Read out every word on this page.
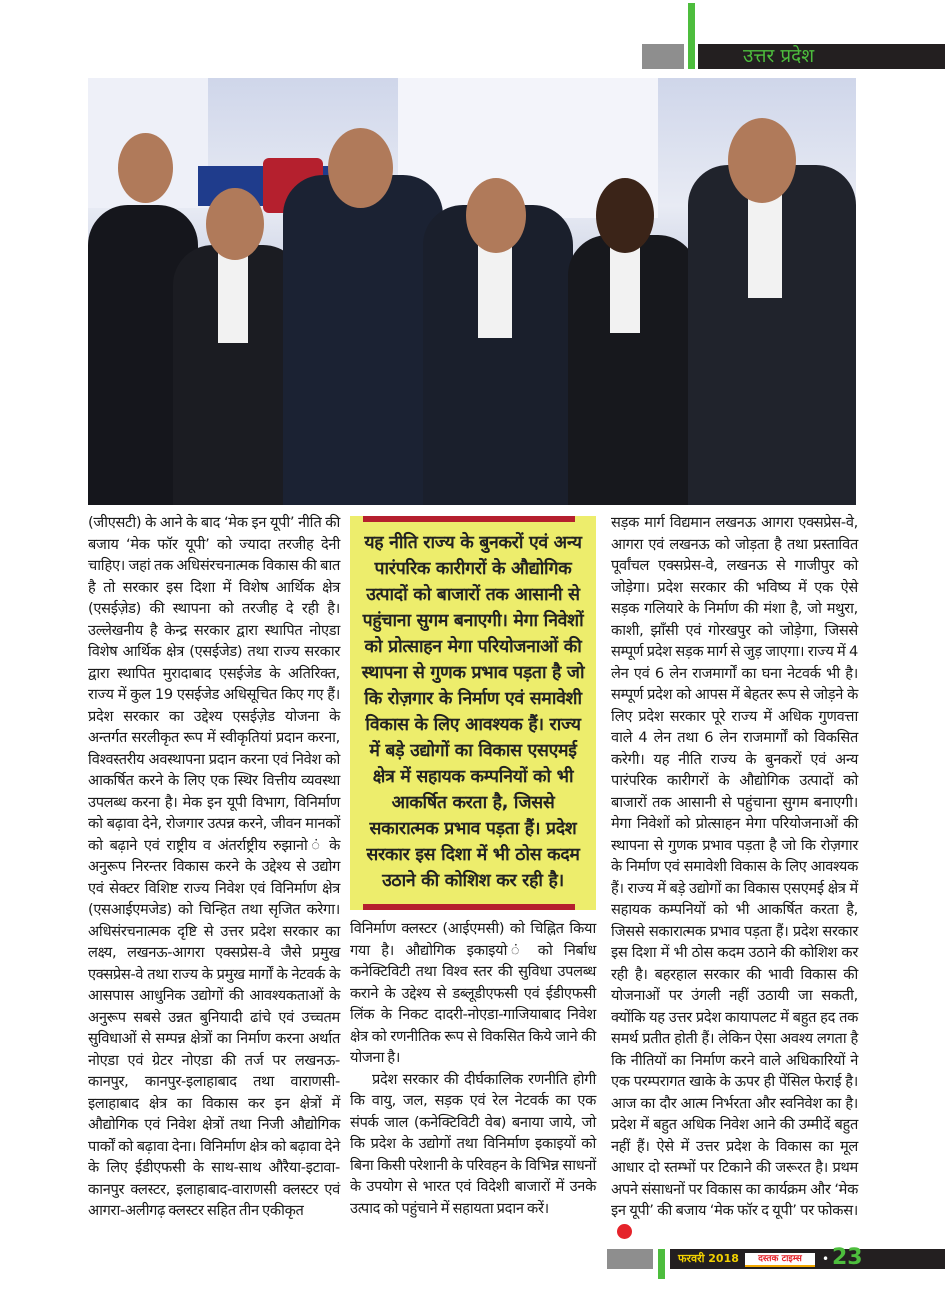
उत्तर प्रदेश

(जीएसटी) के आने के बाद ‘मेक इन यूपी’ नीति की बजाय ‘मेक फॉर यूपी’ को ज्यादा तरजीह देनी चाहिए। जहां तक अधिसंरचनात्मक विकास की बात है तो सरकार इस दिशा में विशेष आर्थिक क्षेत्र (एसईज़ेड) की स्थापना को तरजीह दे रही है। उल्लेखनीय है केन्द्र सरकार द्वारा स्थापित नोएडा विशेष आर्थिक क्षेत्र (एसईजेड) तथा राज्य सरकार द्वारा स्थापित मुरादाबाद एसईजेड के अतिरिक्त, राज्य में कुल 19 एसईजेड अधिसूचित किए गए हैं। प्रदेश सरकार का उद्देश्य एसईज़ेड योजना के अन्तर्गत सरलीकृत रूप में स्वीकृतियां प्रदान करना, विश्वस्तरीय अवस्थापना प्रदान करना एवं निवेश को आकर्षित करने के लिए एक स्थिर वित्तीय व्यवस्था उपलब्ध करना है। मेक इन यूपी विभाग, विनिर्माण को बढ़ावा देने, रोजगार उत्पन्न करने, जीवन मानकों को बढ़ाने एवं राष्ट्रीय व अंतर्राष्ट्रीय रुझानो ं के अनुरूप निरन्तर विकास करने के उद्देश्य से उद्योग एवं सेक्टर विशिष्ट राज्य निवेश एवं विनिर्माण क्षेत्र (एसआईएमजेड) को चिन्हित तथा सृजित करेगा। अधिसंरचनात्मक दृष्टि से उत्तर प्रदेश सरकार का लक्ष्य, लखनऊ-आगरा एक्सप्रेस-वे जैसे प्रमुख एक्सप्रेस-वे तथा राज्य के प्रमुख मार्गों के नेटवर्क के आसपास आधुनिक उद्योगों की आवश्यकताओं के अनुरूप सबसे उन्नत बुनियादी ढांचे एवं उच्चतम सुविधाओं से सम्पन्न क्षेत्रों का निर्माण करना अर्थात नोएडा एवं ग्रेटर नोएडा की तर्ज पर लखनऊ-कानपुर, कानपुर-इलाहाबाद तथा वाराणसी-इलाहाबाद क्षेत्र का विकास कर इन क्षेत्रों में औद्योगिक एवं निवेश क्षेत्रों तथा निजी औद्योगिक पार्कों को बढ़ावा देना। विनिर्माण क्षेत्र को बढ़ावा देने के लिए ईडीएफसी के साथ-साथ औरैया-इटावा-कानपुर क्लस्टर, इलाहाबाद-वाराणसी क्लस्टर एवं आगरा-अलीगढ़ क्लस्टर सहित तीन एकीकृत

यह नीति राज्य के बुनकरों एवं अन्य पारंपरिक कारीगरों के औद्योगिक उत्पादों को बाजारों तक आसानी से पहुंचाना सुगम बनाएगी। मेगा निवेशों को प्रोत्साहन मेगा परियोजनाओं की स्थापना से गुणक प्रभाव पड़ता है जो कि रोज़गार के निर्माण एवं समावेशी विकास के लिए आवश्यक हैं। राज्य में बड़े उद्योगों का विकास एसएमई क्षेत्र में सहायक कम्पनियों को भी आकर्षित करता है, जिससे सकारात्मक प्रभाव पड़ता हैं। प्रदेश सरकार इस दिशा में भी ठोस कदम उठाने की कोशिश कर रही है।

विनिर्माण क्लस्टर (आईएमसी) को चिह्नित किया गया है। औद्योगिक इकाइयो ं को निर्बाध कनेक्टिविटी तथा विश्व स्तर की सुविधा उपलब्ध कराने के उद्देश्य से डब्लूडीएफसी एवं ईडीएफसी लिंक के निकट दादरी-नोएडा-गाजियाबाद निवेश क्षेत्र को रणनीतिक रूप से विकसित किये जाने की योजना है।

प्रदेश सरकार की दीर्घकालिक रणनीति होगी कि वायु, जल, सड़क एवं रेल नेटवर्क का एक संपर्क जाल (कनेक्टिविटी वेब) बनाया जाये, जो कि प्रदेश के उद्योगों तथा विनिर्माण इकाइयों को बिना किसी परेशानी के परिवहन के विभिन्न साधनों के उपयोग से भारत एवं विदेशी बाजारों में उनके उत्पाद को पहुंचाने में सहायता प्रदान करें।

सड़क मार्ग विद्यमान लखनऊ आगरा एक्सप्रेस-वे, आगरा एवं लखनऊ को जोड़ता है तथा प्रस्तावित पूर्वांचल एक्सप्रेस-वे, लखनऊ से गाजीपुर को जोड़ेगा। प्रदेश सरकार की भविष्य में एक ऐसे सड़क गलियारे के निर्माण की मंशा है, जो मथुरा, काशी, झाँसी एवं गोरखपुर को जोड़ेगा, जिससे सम्पूर्ण प्रदेश सड़क मार्ग से जुड़ जाएगा। राज्य में 4 लेन एवं 6 लेन राजमार्गों का घना नेटवर्क भी है। सम्पूर्ण प्रदेश को आपस में बेहतर रूप से जोड़ने के लिए प्रदेश सरकार पूरे राज्य में अधिक गुणवत्ता वाले 4 लेन तथा 6 लेन राजमार्गों को विकसित करेगी। यह नीति राज्य के बुनकरों एवं अन्य पारंपरिक कारीगरों के औद्योगिक उत्पादों को बाजारों तक आसानी से पहुंचाना सुगम बनाएगी। मेगा निवेशों को प्रोत्साहन मेगा परियोजनाओं की स्थापना से गुणक प्रभाव पड़ता है जो कि रोज़गार के निर्माण एवं समावेशी विकास के लिए आवश्यक हैं। राज्य में बड़े उद्योगों का विकास एसएमई क्षेत्र में सहायक कम्पनियों को भी आकर्षित करता है, जिससे सकारात्मक प्रभाव पड़ता हैं। प्रदेश सरकार इस दिशा में भी ठोस कदम उठाने की कोशिश कर रही है। बहरहाल सरकार की भावी विकास की योजनाओं पर उंगली नहीं उठायी जा सकती, क्योंकि यह उत्तर प्रदेश कायापलट में बहुत हद तक समर्थ प्रतीत होती हैं। लेकिन ऐसा अवश्य लगता है कि नीतियों का निर्माण करने वाले अधिकारियों ने एक परम्परागत खाके के ऊपर ही पेंसिल फेराई है। आज का दौर आत्म निर्भरता और स्वनिवेश का है। प्रदेश में बहुत अधिक निवेश आने की उम्मीदें बहुत नहीं हैं। ऐसे में उत्तर प्रदेश के विकास का मूल आधार दो स्तम्भों पर टिकाने की जरूरत है। प्रथम अपने संसाधनों पर विकास का कार्यक्रम और ‘मेक इन यूपी’ की बजाय ‘मेक फॉर द यूपी’ पर फोकस।

फरवरी 2018	दस्तक टाइम्स	• 23
